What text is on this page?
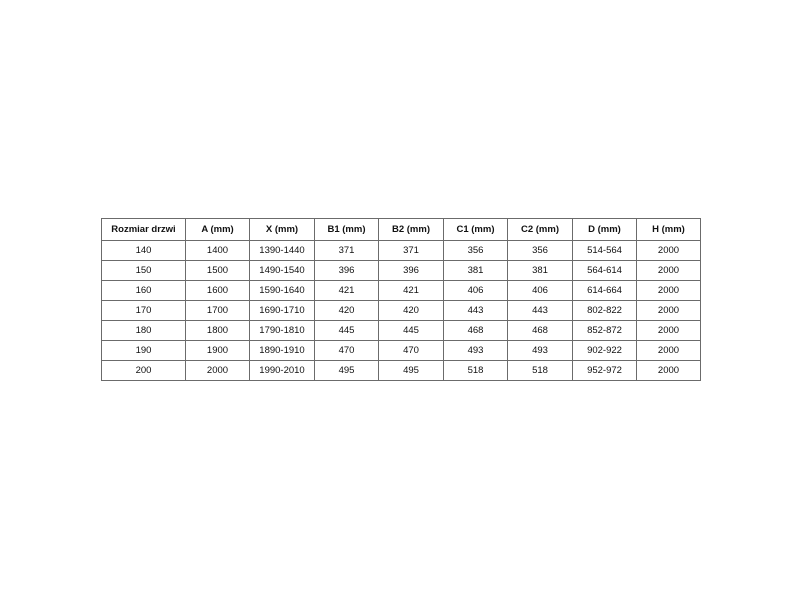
Rozmiar drzwi	A (mm)	X (mm)	B1 (mm)	B2 (mm)	C1 (mm)	C2 (mm)	D (mm)	H (mm)
140	1400	1390-1440	371	371	356	356	514-564	2000
150	1500	1490-1540	396	396	381	381	564-614	2000
160	1600	1590-1640	421	421	406	406	614-664	2000
170	1700	1690-1710	420	420	443	443	802-822	2000
180	1800	1790-1810	445	445	468	468	852-872	2000
190	1900	1890-1910	470	470	493	493	902-922	2000
200	2000	1990-2010	495	495	518	518	952-972	2000
